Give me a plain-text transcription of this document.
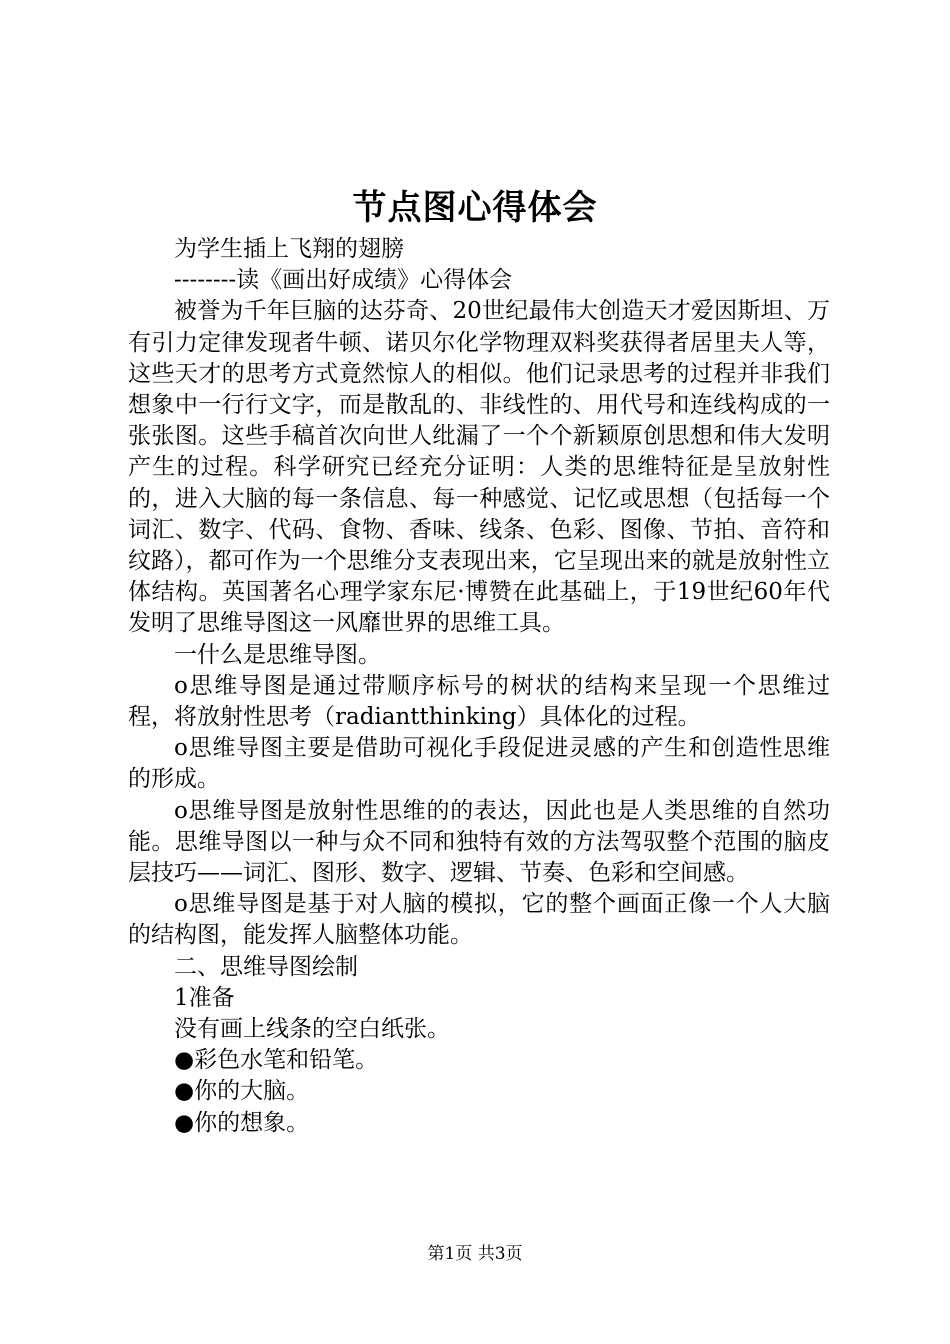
节点图心得体会

为学生插上飞翔的翅膀

--------读《画出好成绩》心得体会

被誉为千年巨脑的达芬奇、20世纪最伟大创造天才爱因斯坦、万有引力定律发现者牛顿、诺贝尔化学物理双料奖获得者居里夫人等，这些天才的思考方式竟然惊人的相似。他们记录思考的过程并非我们想象中一行行文字，而是散乱的、非线性的、用代号和连线构成的一张张图。这些手稿首次向世人纰漏了一个个新颖原创思想和伟大发明产生的过程。科学研究已经充分证明：人类的思维特征是呈放射性的，进入大脑的每一条信息、每一种感觉、记忆或思想（包括每一个词汇、数字、代码、食物、香味、线条、色彩、图像、节拍、音符和纹路），都可作为一个思维分支表现出来，它呈现出来的就是放射性立体结构。英国著名心理学家东尼·博赞在此基础上，于19世纪60年代发明了思维导图这一风靡世界的思维工具。

一什么是思维导图。

o思维导图是通过带顺序标号的树状的结构来呈现一个思维过程，将放射性思考（radiantthinking）具体化的过程。

o思维导图主要是借助可视化手段促进灵感的产生和创造性思维的形成。

o思维导图是放射性思维的的表达，因此也是人类思维的自然功能。思维导图以一种与众不同和独特有效的方法驾驭整个范围的脑皮层技巧——词汇、图形、数字、逻辑、节奏、色彩和空间感。

o思维导图是基于对人脑的模拟，它的整个画面正像一个人大脑的结构图，能发挥人脑整体功能。

二、思维导图绘制

1准备

没有画上线条的空白纸张。

●彩色水笔和铅笔。

●你的大脑。

●你的想象。

第1页 共3页
